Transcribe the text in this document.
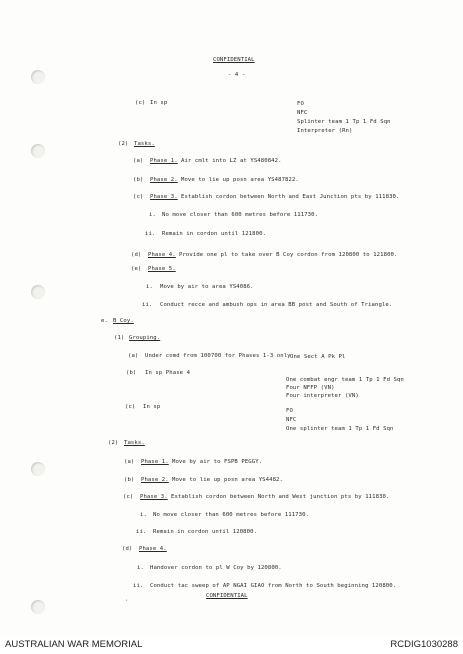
CONFIDENTIAL
- 4 -
(c) In sp	FO
NFC
Splinter team 1 Tp 1 Fd Sqn
Interpreter (Rn)
(2) Tasks.
(a) Phase 1. Air cmlt into LZ at YS480842.
(b) Phase 2. Move to lie up posn area YS487822.
(c) Phase 3. Establish cordon between North and East Junction pts by 111830.
i. No move closer than 600 metres before 111730.
ii. Remain in cordon until 121800.
(d) Phase 4. Provide one pl to take over B Coy cordon from 120800 to 121800.
(e) Phase 5.
i. Move by air to area YS4086.
ii. Conduct recce and ambush ops in area BB post and South of Triangle.
e. B Coy.
(1) Grouping.
(a) Under comd from 100700 for Phases 1-3 only One Sect A Pk Pl
(b) In sp Phase 4
One combat engr team 1 Tp 1 Fd Sqn
Four NFFP (VN)
Four interpreter (VN)
(c) In sp
FO
NFC
One splinter team 1 Tp 1 Fd Sqn
(2) Tasks.
(a) Phase 1. Move by air to FSPB PEGGY.
(b) Phase 2. Move to lie up posn area YS4482.
(c) Phase 3. Establish cordon between North and West junction pts by 111830.
i. No move closer than 600 metres before 111730.
ii. Remain in cordon until 120800.
(d) Phase 4.
i. Handover cordon to pl W Coy by 120800.
ii. Conduct tac sweep of AP NGAI GIAO from North to South beginning 120800.
CONFIDENTIAL
·
AUSTRALIAN WAR MEMORIAL	RCDIG1030288
